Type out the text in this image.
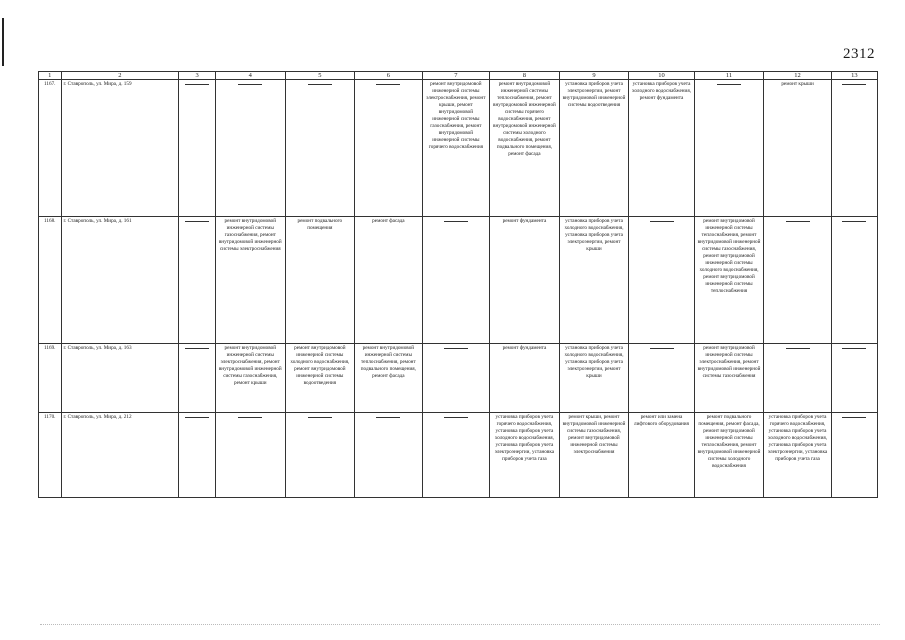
2312
1	2	3	4	5	6	7	8	9	10	11	12	13
1167.	г. Ставрополь, ул. Мира, д. 159					ремонт внутридомовой инженерной системы электроснабжения, ремонт крыши, ремонт внутридомовой инженерной системы газоснабжения, ремонт внутридомовой инженерной системы горячего водоснабжения	ремонт внутридомовой инженерной системы теплоснабжения, ремонт внутридомовой инженерной системы горячего водоснабжения, ремонт внутридомовой инженерной системы холодного водоснабжения, ремонт подвального помещения, ремонт фасада	установка приборов учета электроэнергии, ремонт внутридомовой инженерной системы водоотведения	установка приборов учета холодного водоснабжения, ремонт фундамента		ремонт крыши	

1168.	г. Ставрополь, ул. Мира, д. 161		ремонт внутридомовой инженерной системы газоснабжения, ремонт внутридомовой инженерной системы электроснабжения	ремонт подвального помещения	ремонт фасада		ремонт фундамента	установка приборов учета холодного водоснабжения, установка приборов учета электроэнергии, ремонт крыши		ремонт внутридомовой инженерной системы теплоснабжения, ремонт внутридомовой инженерной системы газоснабжения, ремонт внутридомовой инженерной системы холодного водоснабжения, ремонт внутридомовой инженерной системы теплоснабжения	

1169.	г. Ставрополь, ул. Мира, д. 163		ремонт внутридомовой инженерной системы электроснабжения, ремонт внутридомовой инженерной системы газоснабжения, ремонт крыши	ремонт внутридомовой инженерной системы холодного водоснабжения, ремонт внутридомовой инженерной системы водоотведения	ремонт внутридомовой инженерной системы теплоснабжения, ремонт подвального помещения, ремонт фасада		ремонт фундамента	установка приборов учета холодного водоснабжения, установка приборов учета электроэнергии, ремонт крыши		ремонт внутридомовой инженерной системы электроснабжения, ремонт внутридомовой инженерной системы газоснабжения	

1170.	г. Ставрополь, ул. Мира, д. 212						установка приборов учета горячего водоснабжения, установка приборов учета холодного водоснабжения, установка приборов учета электроэнергии, установка приборов учета газа	ремонт крыши, ремонт внутридомовой инженерной системы газоснабжения, ремонт внутридомовой инженерной системы электроснабжения	ремонт или замена лифтового оборудования	ремонт подвального помещения, ремонт фасада, ремонт внутридомовой инженерной системы теплоснабжения, ремонт внутридомовой инженерной системы холодного водоснабжения	установка приборов учета горячего водоснабжения, установка приборов учета холодного водоснабжения, установка приборов учета электроэнергии, установка приборов учета газа	
